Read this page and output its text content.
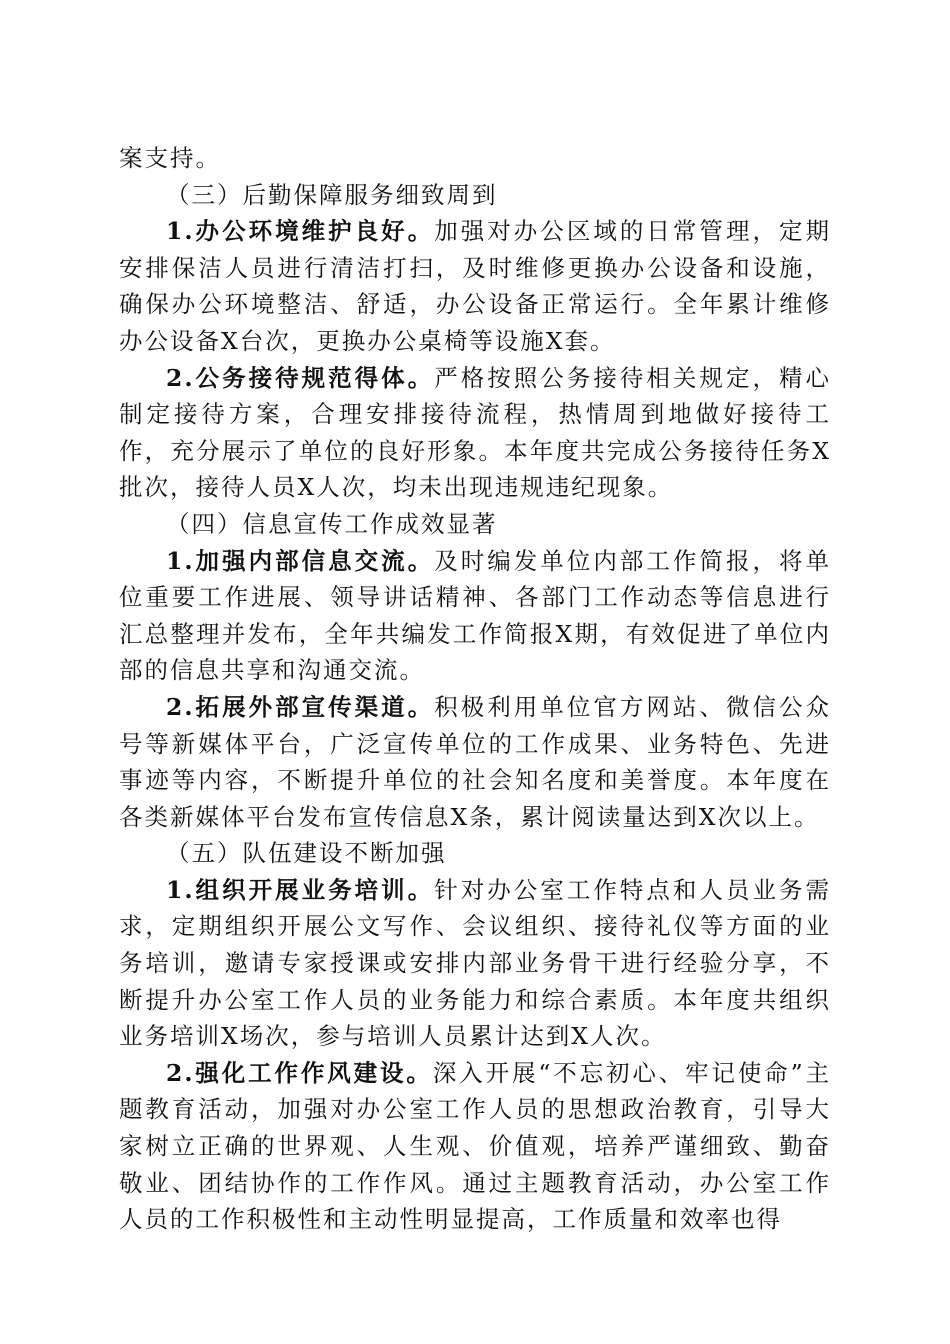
案支持。

（三）后勤保障服务细致周到

1.办公环境维护良好。加强对办公区域的日常管理，定期安排保洁人员进行清洁打扫，及时维修更换办公设备和设施，确保办公环境整洁、舒适，办公设备正常运行。全年累计维修办公设备X台次，更换办公桌椅等设施X套。

2.公务接待规范得体。严格按照公务接待相关规定，精心制定接待方案，合理安排接待流程，热情周到地做好接待工作，充分展示了单位的良好形象。本年度共完成公务接待任务X批次，接待人员X人次，均未出现违规违纪现象。

（四）信息宣传工作成效显著

1.加强内部信息交流。及时编发单位内部工作简报，将单位重要工作进展、领导讲话精神、各部门工作动态等信息进行汇总整理并发布，全年共编发工作简报X期，有效促进了单位内部的信息共享和沟通交流。

2.拓展外部宣传渠道。积极利用单位官方网站、微信公众号等新媒体平台，广泛宣传单位的工作成果、业务特色、先进事迹等内容，不断提升单位的社会知名度和美誉度。本年度在各类新媒体平台发布宣传信息X条，累计阅读量达到X次以上。

（五）队伍建设不断加强

1.组织开展业务培训。针对办公室工作特点和人员业务需求，定期组织开展公文写作、会议组织、接待礼仪等方面的业务培训，邀请专家授课或安排内部业务骨干进行经验分享，不断提升办公室工作人员的业务能力和综合素质。本年度共组织业务培训X场次，参与培训人员累计达到X人次。

2.强化工作作风建设。深入开展“不忘初心、牢记使命”主题教育活动，加强对办公室工作人员的思想政治教育，引导大家树立正确的世界观、人生观、价值观，培养严谨细致、勤奋敬业、团结协作的工作作风。通过主题教育活动，办公室工作人员的工作积极性和主动性明显提高，工作质量和效率也得
